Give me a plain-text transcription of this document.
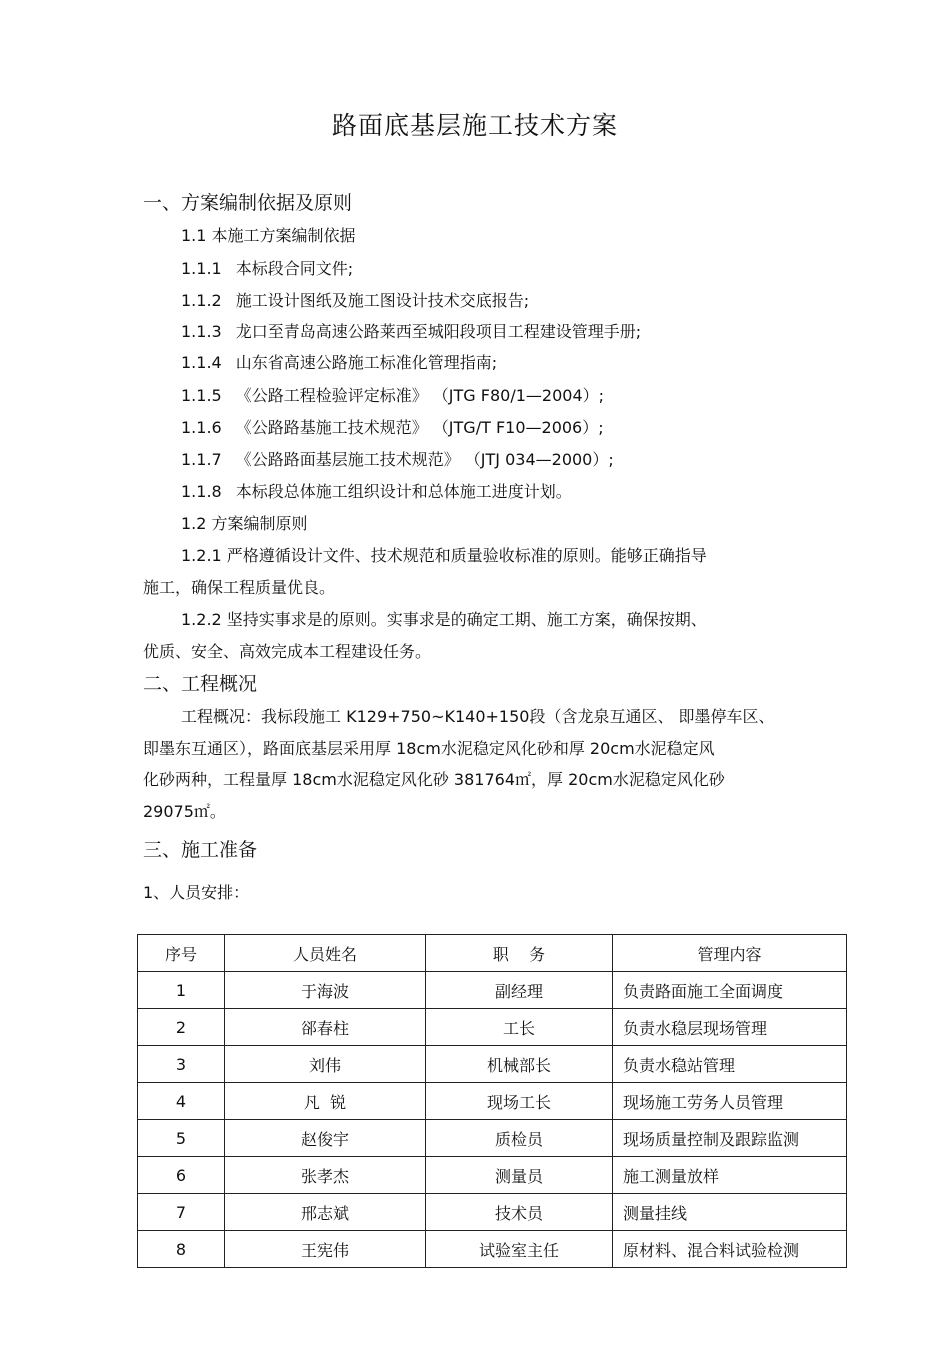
路面底基层施工技术方案
一、方案编制依据及原则
1.1 本施工方案编制依据
1.1.1 本标段合同文件;
1.1.2 施工设计图纸及施工图设计技术交底报告;
1.1.3 龙口至青岛高速公路莱西至城阳段项目工程建设管理手册;
1.1.4 山东省高速公路施工标准化管理指南;
1.1.5 《公路工程检验评定标准》 （JTG F80/1—2004）;
1.1.6 《公路路基施工技术规范》 （JTG/T F10—2006）;
1.1.7 《公路路面基层施工技术规范》 （JTJ 034—2000）;
1.1.8 本标段总体施工组织设计和总体施工进度计划。
1.2 方案编制原则
1.2.1 严格遵循设计文件、技术规范和质量验收标准的原则。能够正确指导
施工，确保工程质量优良。
1.2.2 坚持实事求是的原则。实事求是的确定工期、施工方案，确保按期、
优质、安全、高效完成本工程建设任务。
二、工程概况
工程概况：我标段施工 K129+750~K140+150段（含龙泉互通区、 即墨停车区、
即墨东互通区），路面底基层采用厚 18cm水泥稳定风化砂和厚 20cm水泥稳定风
化砂两种，工程量厚 18cm水泥稳定风化砂 381764㎡，厚 20cm水泥稳定风化砂
29075㎡。
三、施工准备
1、人员安排：
序号	人员姓名	职    务	管理内容
1	于海波	副经理	负责路面施工全面调度
2	郤春柱	工长	负责水稳层现场管理
3	刘伟	机械部长	负责水稳站管理
4	凡  锐	现场工长	现场施工劳务人员管理
5	赵俊宇	质检员	现场质量控制及跟踪监测
6	张孝杰	测量员	施工测量放样
7	邢志斌	技术员	测量挂线
8	王宪伟	试验室主任	原材料、混合料试验检测
